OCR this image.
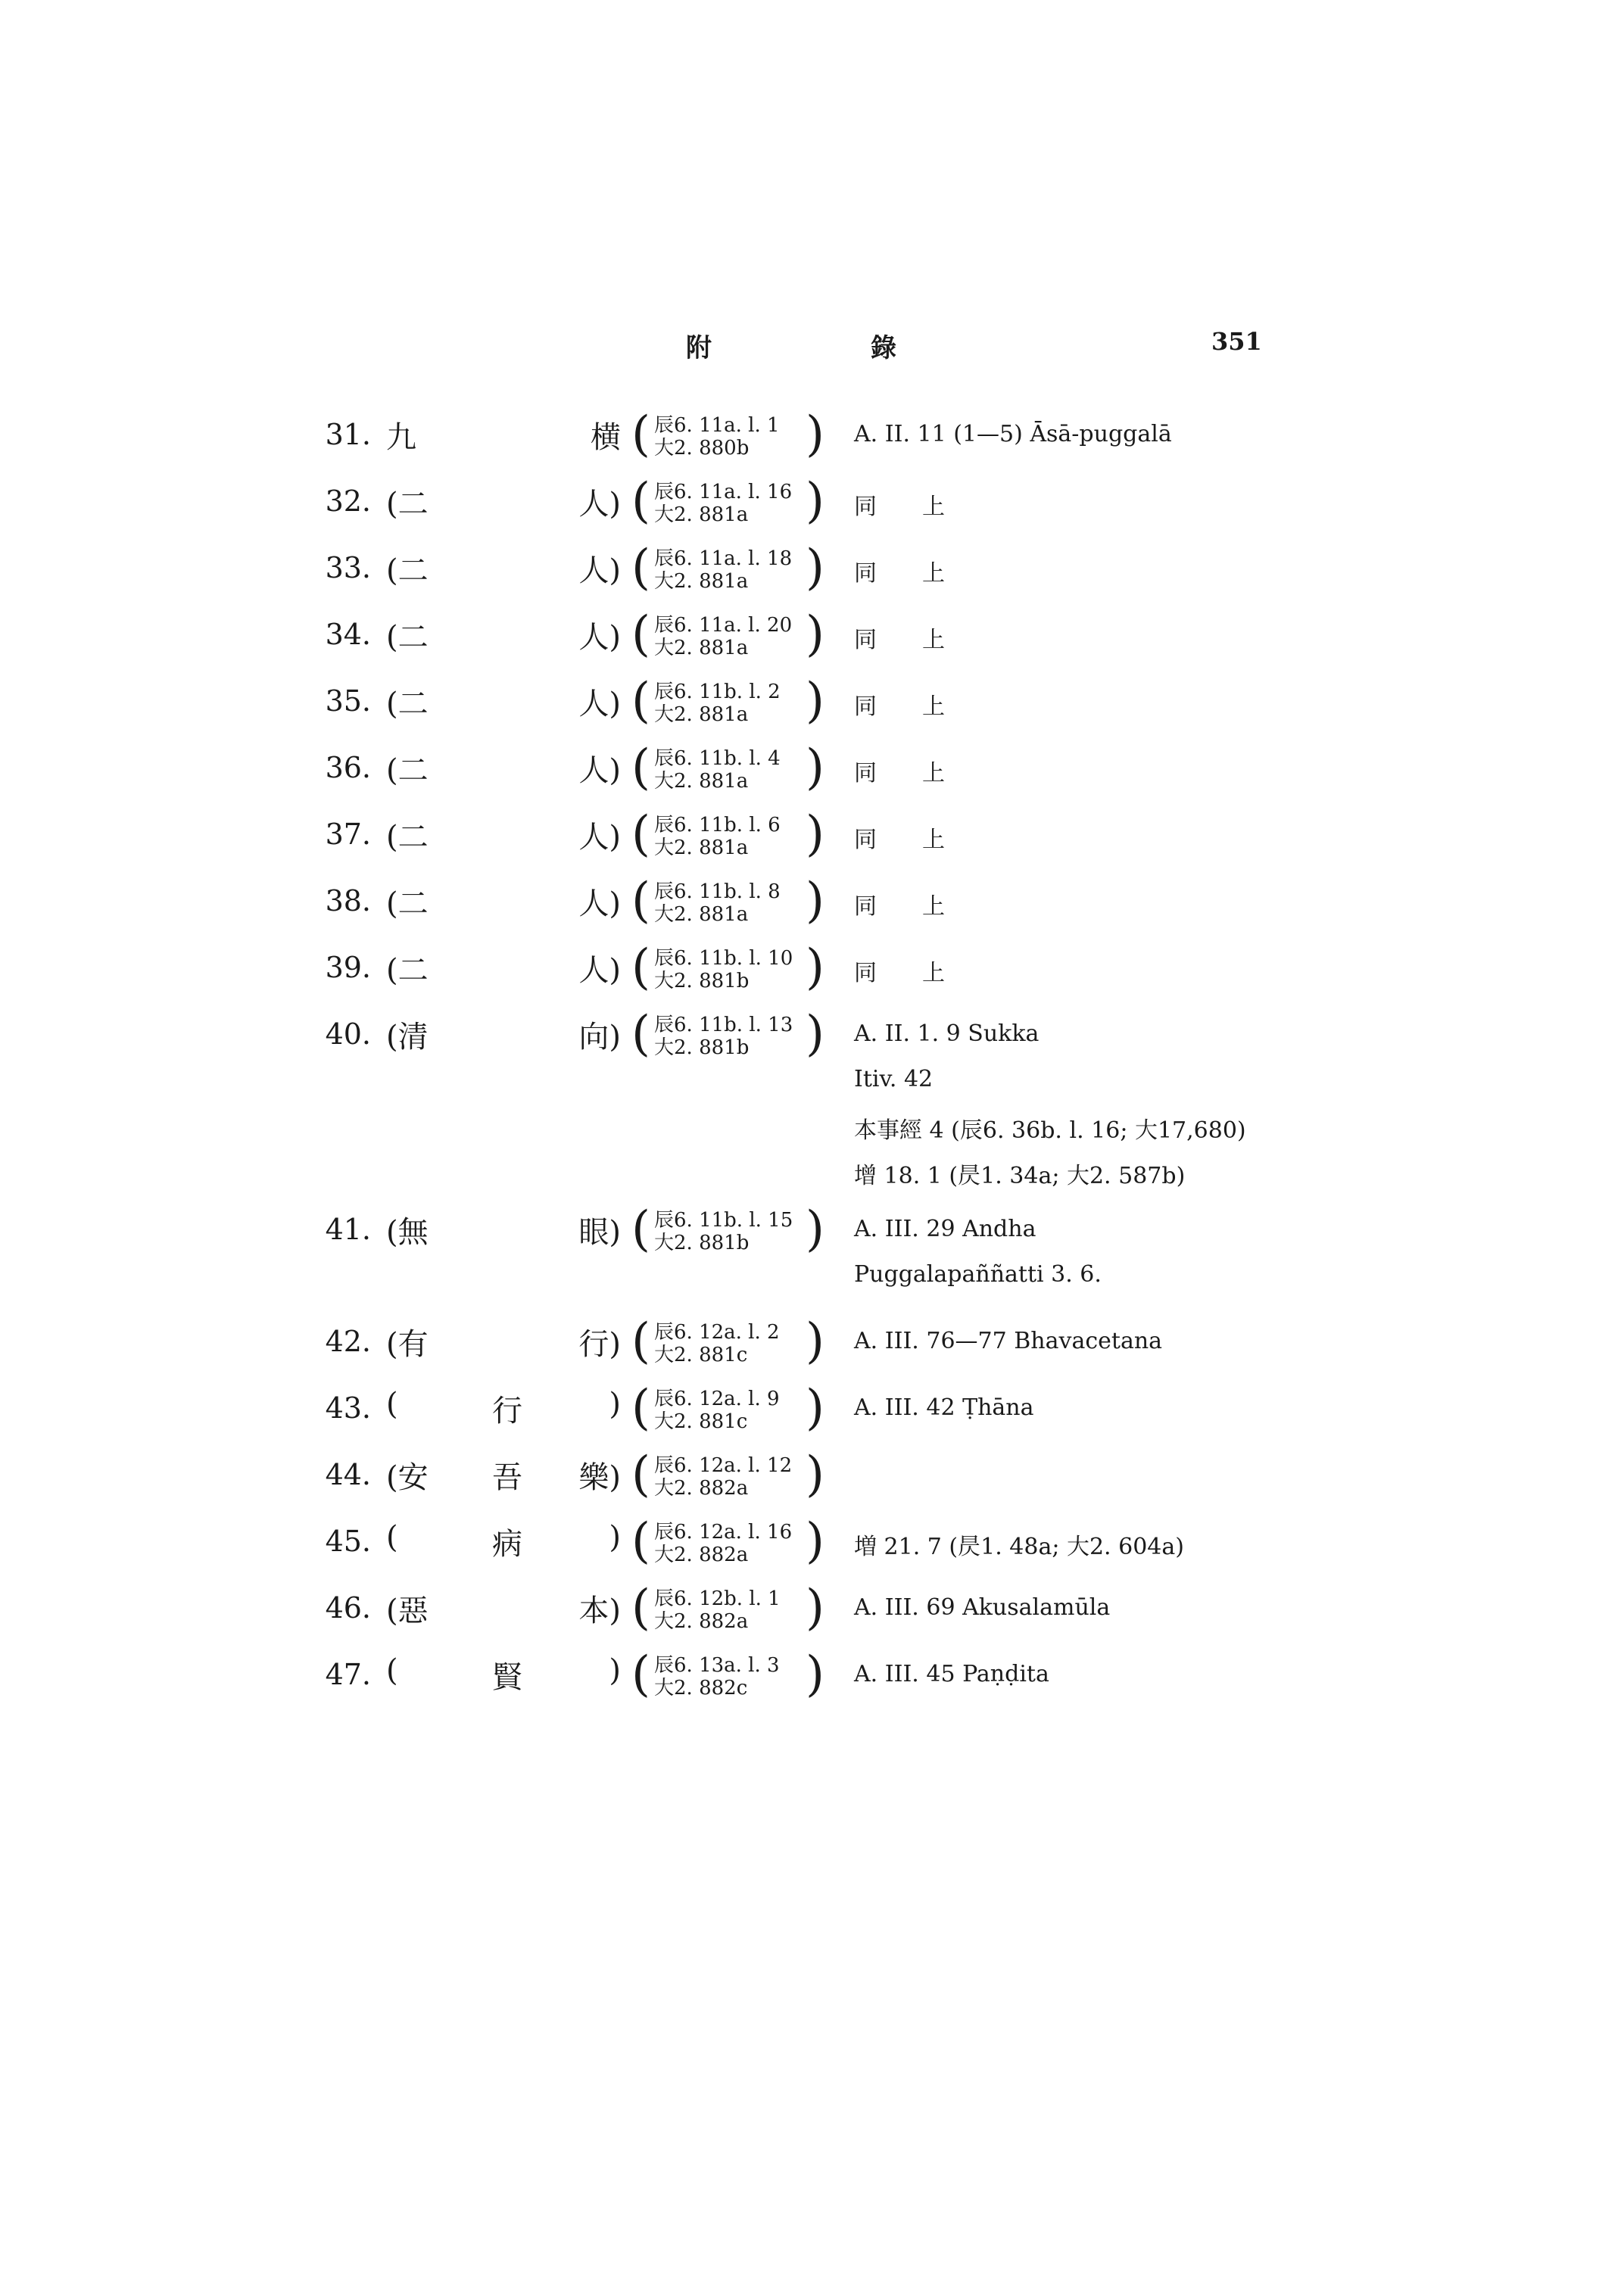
附	錄	351
31. 九	横 ( 辰6. 11a. l. 1
大2. 880b ) A. II. 11 (1—5) Āsā-puggalā
32. (二	人) ( 辰6. 11a. l. 16
大2. 881a ) 同 上
33. (二	人) ( 辰6. 11a. l. 18
大2. 881a ) 同 上
34. (二	人) ( 辰6. 11a. l. 20
大2. 881a ) 同 上
35. (二	人) ( 辰6. 11b. l. 2
大2. 881a ) 同 上
36. (二	人) ( 辰6. 11b. l. 4
大2. 881a ) 同 上
37. (二	人) ( 辰6. 11b. l. 6
大2. 881a ) 同 上
38. (二	人) ( 辰6. 11b. l. 8
大2. 881a ) 同 上
39. (二	人) ( 辰6. 11b. l. 10
大2. 881b ) 同 上
40. (清	向) ( 辰6. 11b. l. 13
大2. 881b ) A. II. 1. 9 Sukka
Itiv. 42
本事經 4 (辰6. 36b. l. 16; 大17,680)
增 18. 1 (昃1. 34a; 大2. 587b)
41. (無	眼) ( 辰6. 11b. l. 15
大2. 881b ) A. III. 29 Andha
Puggalapaññatti 3. 6.
42. (有	行) ( 辰6. 12a. l. 2
大2. 881c ) A. III. 76—77 Bhavacetana
43. (	行	) ( 辰6. 12a. l. 9
大2. 881c ) A. III. 42 Ṭhāna
44. (安 吾 樂) ( 辰6. 12a. l. 12
大2. 882a )
45. (	病	) ( 辰6. 12a. l. 16
大2. 882a ) 増 21. 7 (昃1. 48a; 大2. 604a)
46. (惡	本) ( 辰6. 12b. l. 1
大2. 882a ) A. III. 69 Akusalamūla
47. (	賢	) ( 辰6. 13a. l. 3
大2. 882c ) A. III. 45 Paṇḍita
